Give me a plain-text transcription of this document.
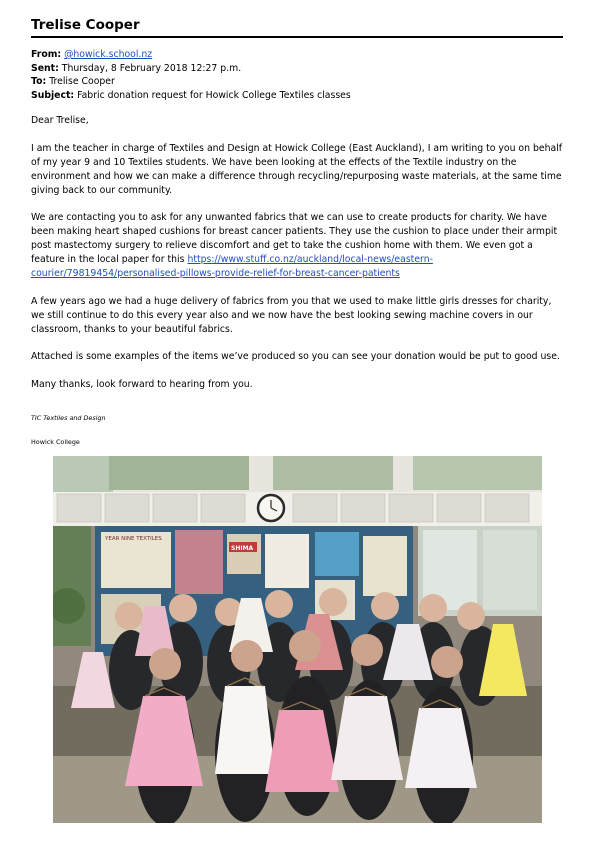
Trelise Cooper
From: @howick.school.nz
Sent: Thursday, 8 February 2018 12:27 p.m.
To: Trelise Cooper
Subject: Fabric donation request for Howick College Textiles classes

Dear Trelise,

I am the teacher in charge of Textiles and Design at Howick College (East Auckland), I am writing to you on behalf of my year 9 and 10 Textiles students. We have been looking at the effects of the Textile industry on the environment and how we can make a difference through recycling/repurposing waste materials, at the same time giving back to our community.

We are contacting you to ask for any unwanted fabrics that we can use to create products for charity. We have been making heart shaped cushions for breast cancer patients. They use the cushion to place under their armpit post mastectomy surgery to relieve discomfort and get to take the cushion home with them. We even got a feature in the local paper for this https://www.stuff.co.nz/auckland/local-news/eastern-courier/79819454/personalised-pillows-provide-relief-for-breast-cancer-patients

A few years ago we had a huge delivery of fabrics from you that we used to make little girls dresses for charity, we still continue to do this every year also and we now have the best looking sewing machine covers in our classroom, thanks to your beautiful fabrics.

Attached is some examples of the items we’ve produced so you can see your donation would be put to good use.

Many thanks, look forward to hearing from you.

TIC Textiles and Design
Howick College
YEAR NINE TEXTILES
SHIMA
